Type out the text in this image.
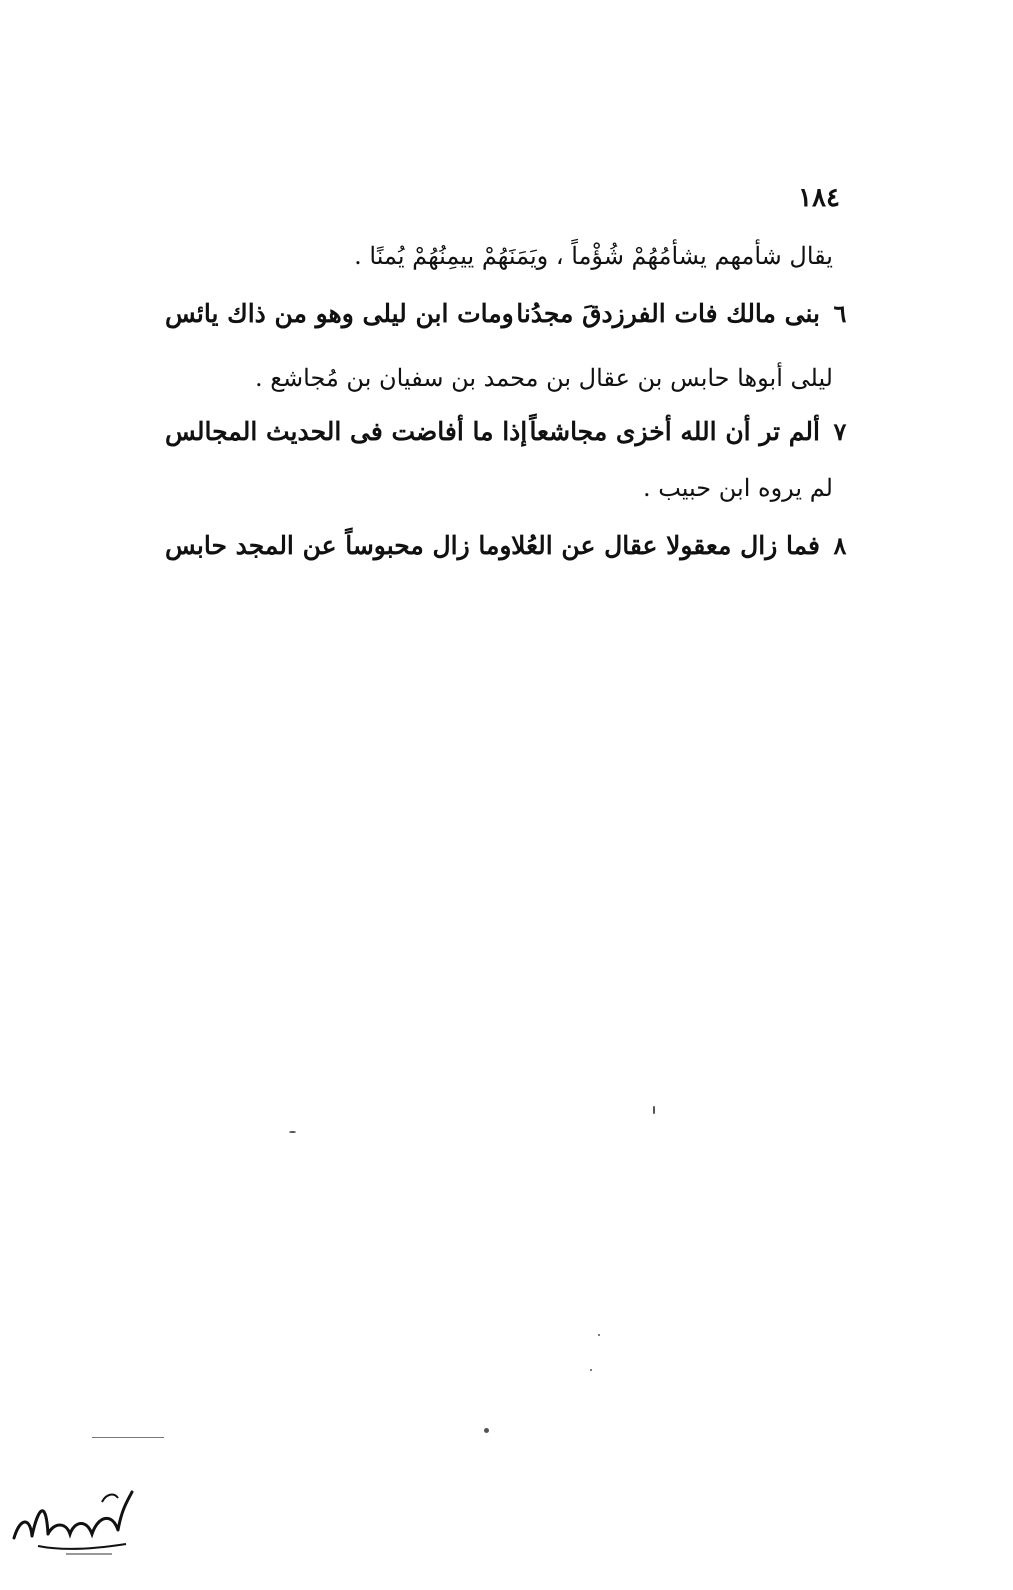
١٨٤
يقال شأمهم يشأمُهُمْ شُؤْماً ، ويَمَنَهُمْ ييمِنُهُمْ يُمنًا .
٦
بنى مالك فات الفرزدقَ مجدُنا
ومات ابن ليلى وهو من ذاك يائس
ليلى أبوها حابس بن عقال بن محمد بن سفيان بن مُجاشع .
٧
ألم تر أن الله أخزى مجاشعاً
إذا ما أفاضت فى الحديث المجالس
لم يروه ابن حبيب .
٨
فما زال معقولا عقال عن العُلا
وما زال محبوساً عن المجد حابس
